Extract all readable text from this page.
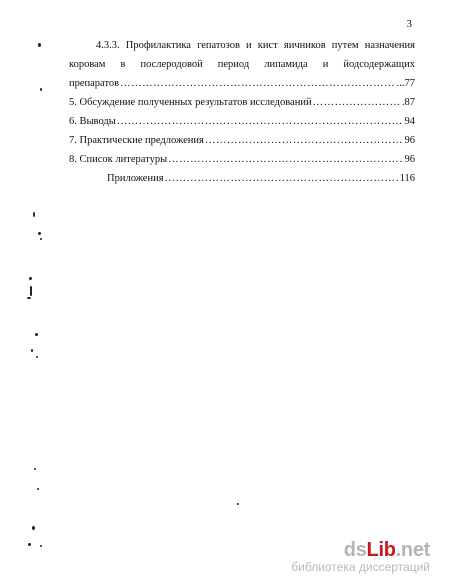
3
4.3.3. Профилактика гепатозов и кист яичников путем назначения
коровам в послеродовой период липамида и йодсодержащих
препаратов …………………………………………………………………………………………………………………………………………………	...77
5. Обсуждение полученных результатов исследований …………………………………………………………………………………………………………………………………………………	.87
6. Выводы …………………………………………………………………………………………………………………………………………………	94
7. Практические предложения …………………………………………………………………………………………………………………………………………………	96
8. Список литературы …………………………………………………………………………………………………………………………………………………	96
Приложения …………………………………………………………………………………………………………………………………………………	116
dsLib.net
библиотека диссертаций
